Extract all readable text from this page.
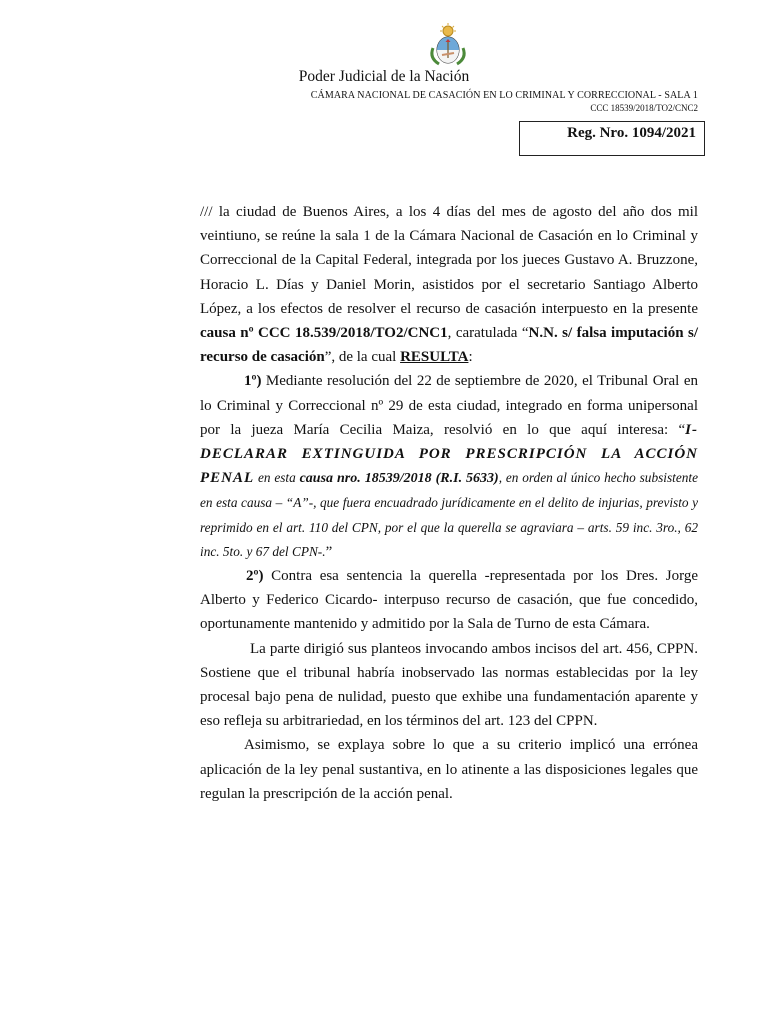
Poder Judicial de la Nación
CÁMARA NACIONAL DE CASACIÓN EN LO CRIMINAL Y CORRECCIONAL - SALA 1
CCC 18539/2018/TO2/CNC2
Reg. Nro. 1094/2021

/// la ciudad de Buenos Aires, a los 4 días del mes de agosto del año dos mil veintiuno, se reúne la sala 1 de la Cámara Nacional de Casación en lo Criminal y Correccional de la Capital Federal, integrada por los jueces Gustavo A. Bruzzone, Horacio L. Días y Daniel Morin, asistidos por el secretario Santiago Alberto López, a los efectos de resolver el recurso de casación interpuesto en la presente causa nº CCC 18.539/2018/TO2/CNC1, caratulada “N.N. s/ falsa imputación s/ recurso de casación”, de la cual RESULTA:

1º) Mediante resolución del 22 de septiembre de 2020, el Tribunal Oral en lo Criminal y Correccional nº 29 de esta ciudad, integrado en forma unipersonal por la jueza María Cecilia Maiza, resolvió en lo que aquí interesa: “I- DECLARAR EXTINGUIDA POR PRESCRIPCIÓN LA ACCIÓN PENAL en esta causa nro. 18539/2018 (R.I. 5633), en orden al único hecho subsistente en esta causa – “A”-, que fuera encuadrado jurídicamente en el delito de injurias, previsto y reprimido en el art. 110 del CPN, por el que la querella se agraviara – arts. 59 inc. 3ro., 62 inc. 5to. y 67 del CPN-.”

2º) Contra esa sentencia la querella -representada por los Dres. Jorge Alberto y Federico Cicardo- interpuso recurso de casación, que fue concedido, oportunamente mantenido y admitido por la Sala de Turno de esta Cámara.

La parte dirigió sus planteos invocando ambos incisos del art. 456, CPPN. Sostiene que el tribunal habría inobservado las normas establecidas por la ley procesal bajo pena de nulidad, puesto que exhibe una fundamentación aparente y eso refleja su arbitrariedad, en los términos del art. 123 del CPPN.

Asimismo, se explaya sobre lo que a su criterio implicó una errónea aplicación de la ley penal sustantiva, en lo atinente a las disposiciones legales que regulan la prescripción de la acción penal.
